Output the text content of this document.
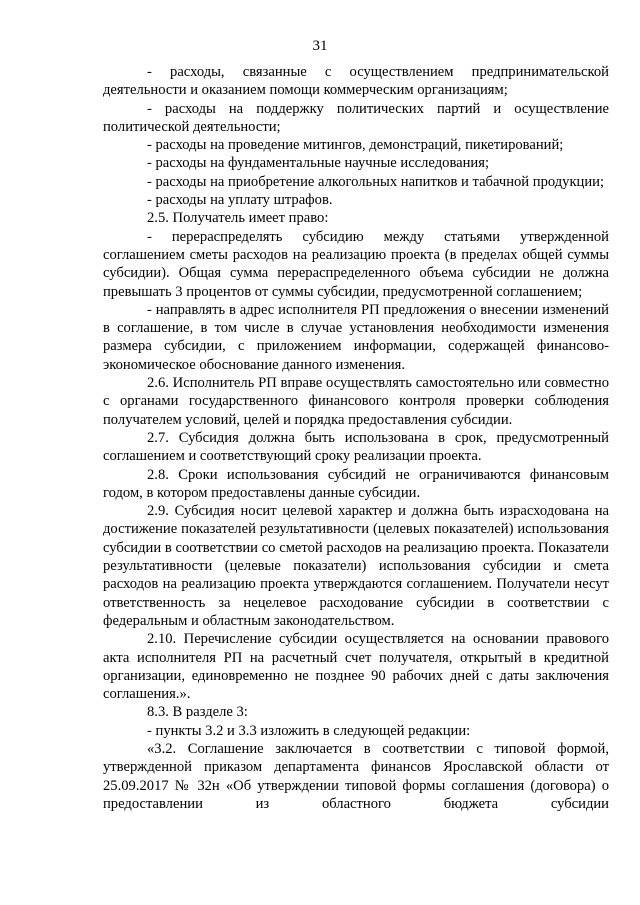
31

- расходы, связанные с осуществлением предпринимательской деятельности и оказанием помощи коммерческим организациям;

- расходы на поддержку политических партий и осуществление политической деятельности;

- расходы на проведение митингов, демонстраций, пикетирований;

- расходы на фундаментальные научные исследования;

- расходы на приобретение алкогольных напитков и табачной продукции;

- расходы на уплату штрафов.

2.5. Получатель имеет право:

- перераспределять субсидию между статьями утвержденной соглашением сметы расходов на реализацию проекта (в пределах общей суммы субсидии). Общая сумма перераспределенного объема субсидии не должна превышать 3 процентов от суммы субсидии, предусмотренной соглашением;

- направлять в адрес исполнителя РП предложения о внесении изменений в соглашение, в том числе в случае установления необходимости изменения размера субсидии, с приложением информации, содержащей финансово-экономическое обоснование данного изменения.

2.6. Исполнитель РП вправе осуществлять самостоятельно или совместно с органами государственного финансового контроля проверки соблюдения получателем условий, целей и порядка предоставления субсидии.

2.7. Субсидия должна быть использована в срок, предусмотренный соглашением и соответствующий сроку реализации проекта.

2.8. Сроки использования субсидий не ограничиваются финансовым годом, в котором предоставлены данные субсидии.

2.9. Субсидия носит целевой характер и должна быть израсходована на достижение показателей результативности (целевых показателей) использования субсидии в соответствии со сметой расходов на реализацию проекта. Показатели результативности (целевые показатели) использования субсидии и смета расходов на реализацию проекта утверждаются соглашением. Получатели несут ответственность за нецелевое расходование субсидии в соответствии с федеральным и областным законодательством.

2.10. Перечисление субсидии осуществляется на основании правового акта исполнителя РП на расчетный счет получателя, открытый в кредитной организации, единовременно не позднее 90 рабочих дней с даты заключения соглашения.».

8.3. В разделе 3:

- пункты 3.2 и 3.3 изложить в следующей редакции:

«3.2. Соглашение заключается в соответствии с типовой формой, утвержденной приказом департамента финансов Ярославской области от 25.09.2017 № 32н «Об утверждении типовой формы соглашения (договора) о предоставлении из областного бюджета субсидии
